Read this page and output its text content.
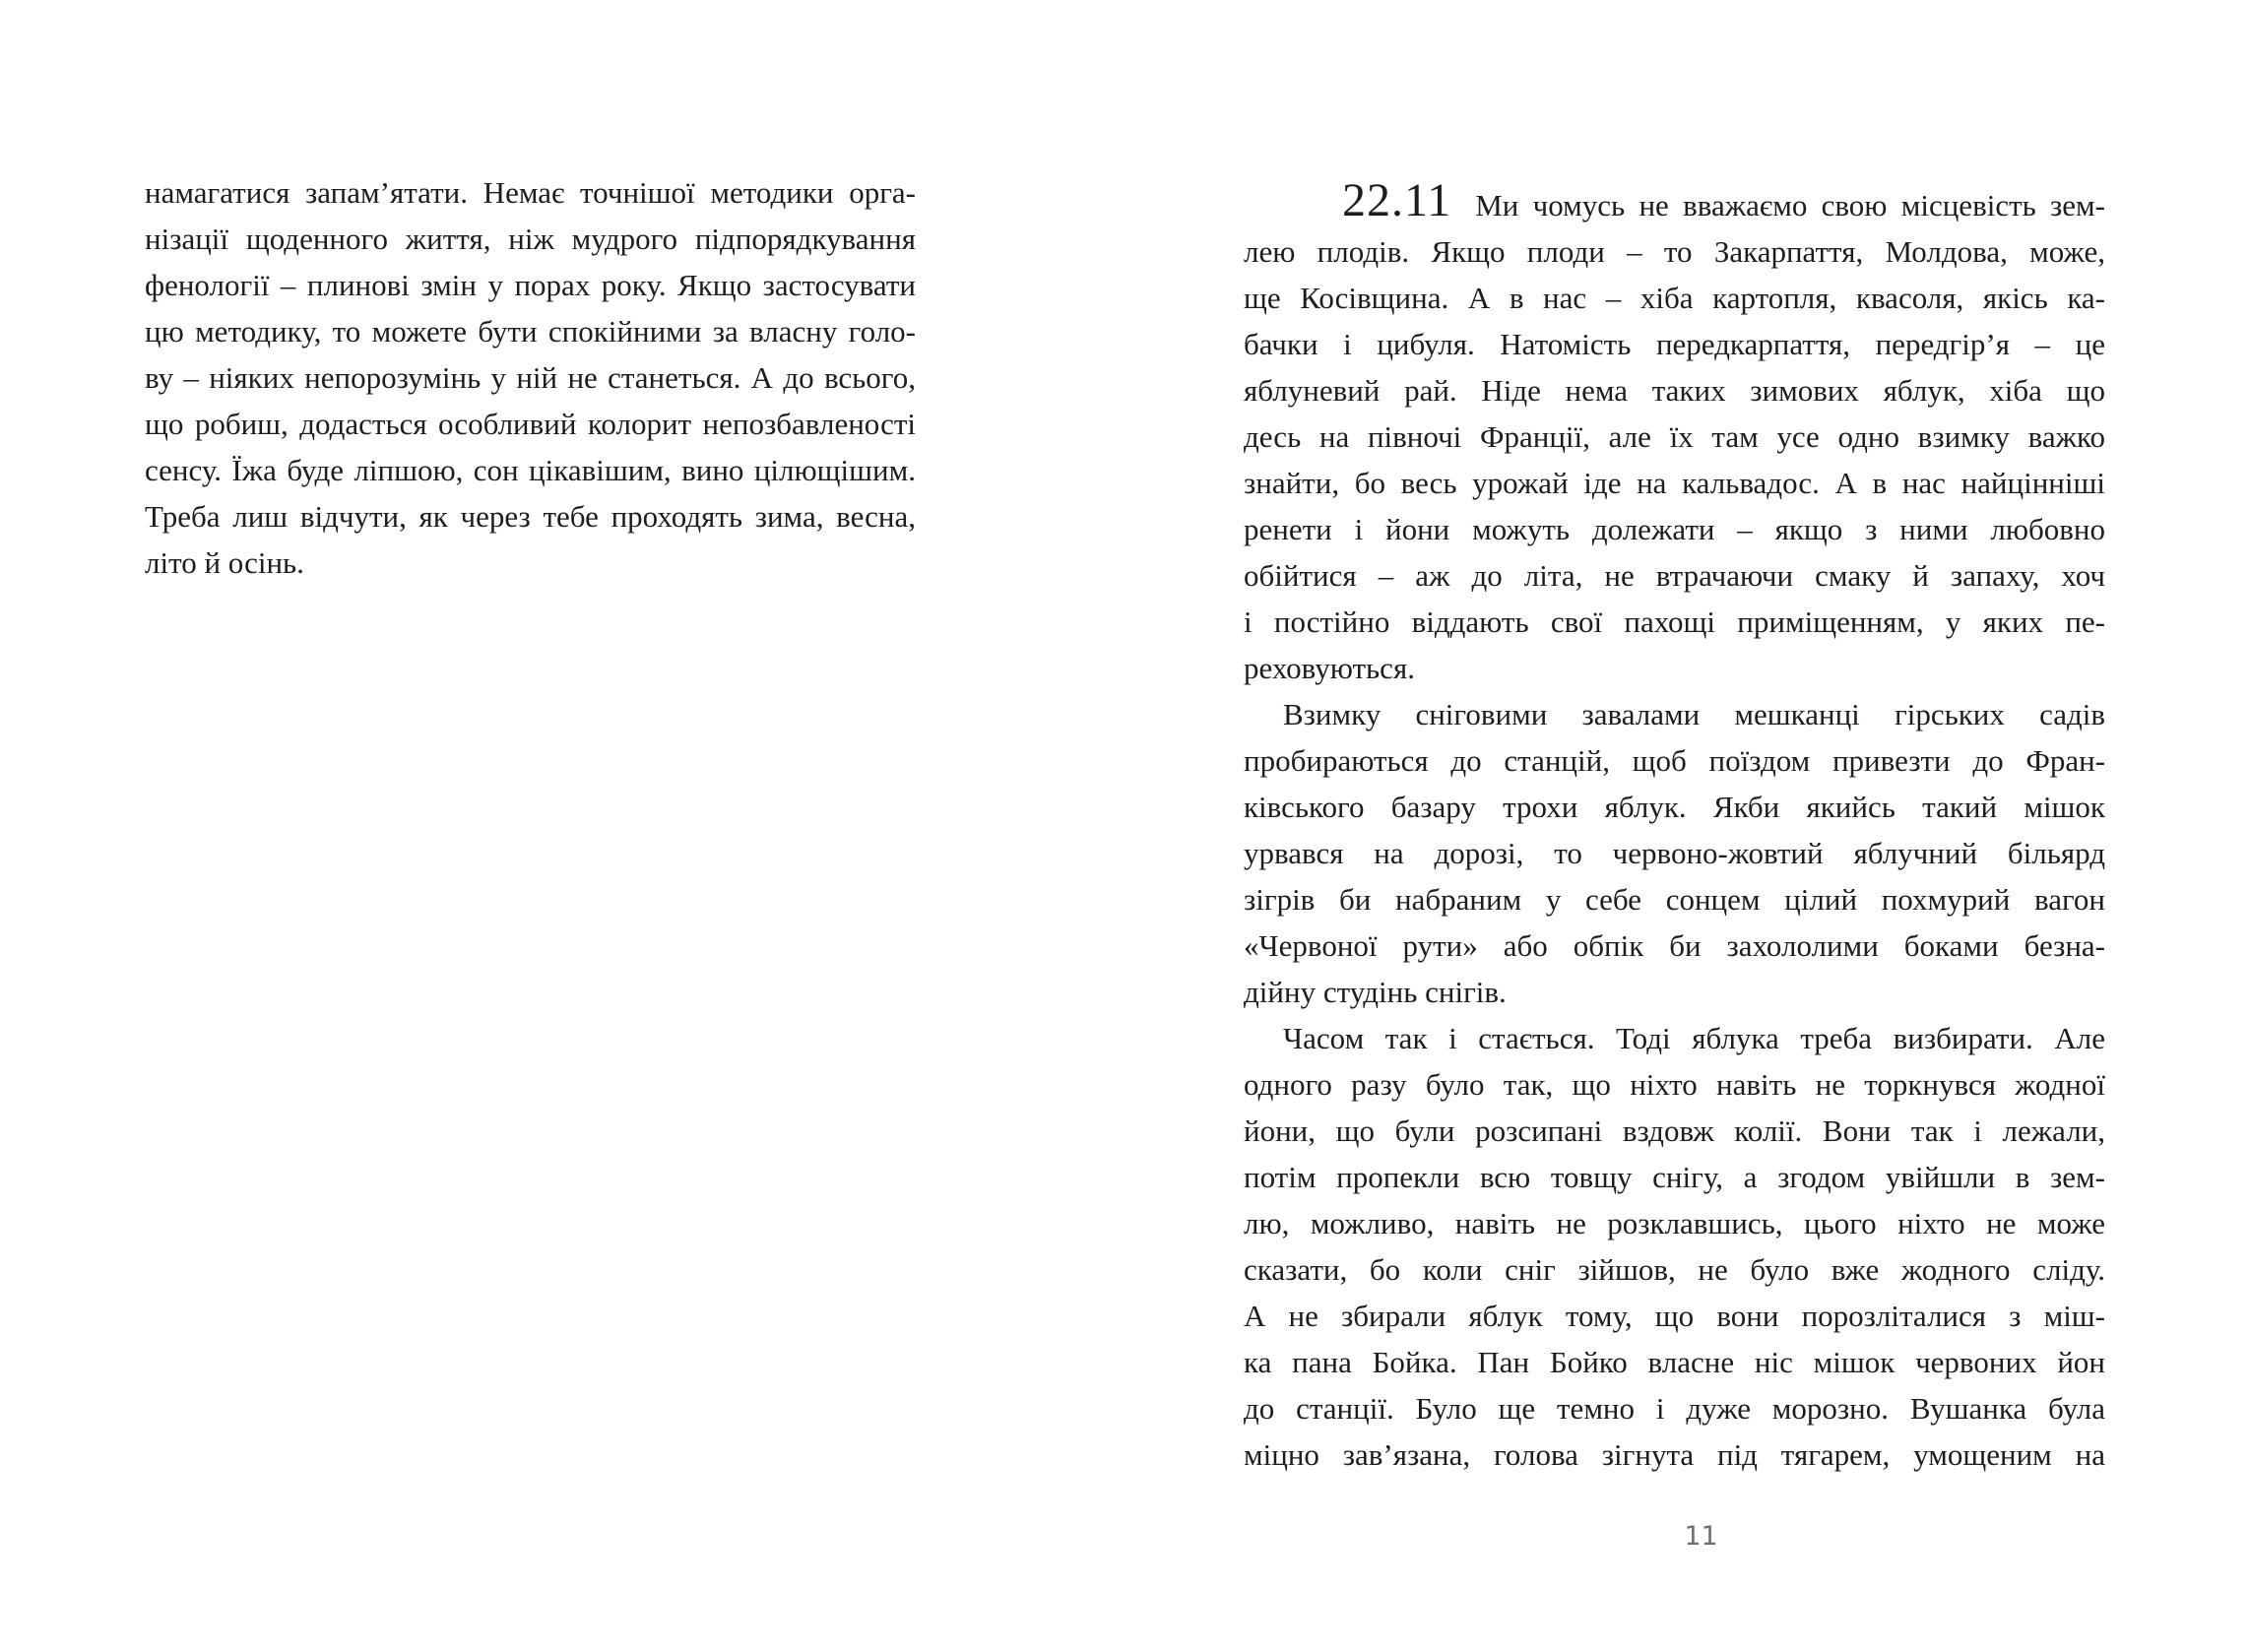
намагатися запам’ятати. Немає точнішої методики орга-
нізації щоденного життя, ніж мудрого підпорядкування
фенології – плинові змін у порах року. Якщо застосувати
цю методику, то можете бути спокійними за власну голо-
ву – ніяких непорозумінь у ній не станеться. А до всього,
що робиш, додасться особливий колорит непозбавленості
сенсу. Їжа буде ліпшою, сон цікавішим, вино цілющішим.
Треба лиш відчути, як через тебе проходять зима, весна,
літо й осінь.
22.11 Ми чомусь не вважаємо свою місцевість зем-
лею плодів. Якщо плоди – то Закарпаття, Молдова, може,
ще Косівщина. А в нас – хіба картопля, квасоля, якісь ка-
бачки і цибуля. Натомість передкарпаття, передгір’я – це
яблуневий рай. Ніде нема таких зимових яблук, хіба що
десь на півночі Франції, але їх там усе одно взимку важко
знайти, бо весь урожай іде на кальвадос. А в нас найцінніші
ренети і йони можуть долежати – якщо з ними любовно
обійтися – аж до літа, не втрачаючи смаку й запаху, хоч
і постійно віддають свої пахощі приміщенням, у яких пе-
реховуються.
Взимку сніговими завалами мешканці гірських садів
пробираються до станцій, щоб поїздом привезти до Фран-
ківського базару трохи яблук. Якби якийсь такий мішок
урвався на дорозі, то червоно-жовтий яблучний більярд
зігрів би набраним у себе сонцем цілий похмурий вагон
«Червоної рути» або обпік би захололими боками безна-
дійну студінь снігів.
Часом так і стається. Тоді яблука треба визбирати. Але
одного разу було так, що ніхто навіть не торкнувся жодної
йони, що були розсипані вздовж колії. Вони так і лежали,
потім пропекли всю товщу снігу, а згодом увійшли в зем-
лю, можливо, навіть не розклавшись, цього ніхто не може
сказати, бо коли сніг зійшов, не було вже жодного сліду.
А не збирали яблук тому, що вони порозліталися з міш-
ка пана Бойка. Пан Бойко власне ніс мішок червоних йон
до станції. Було ще темно і дуже морозно. Вушанка була
міцно зав’язана, голова зігнута під тягарем, умощеним на
11
